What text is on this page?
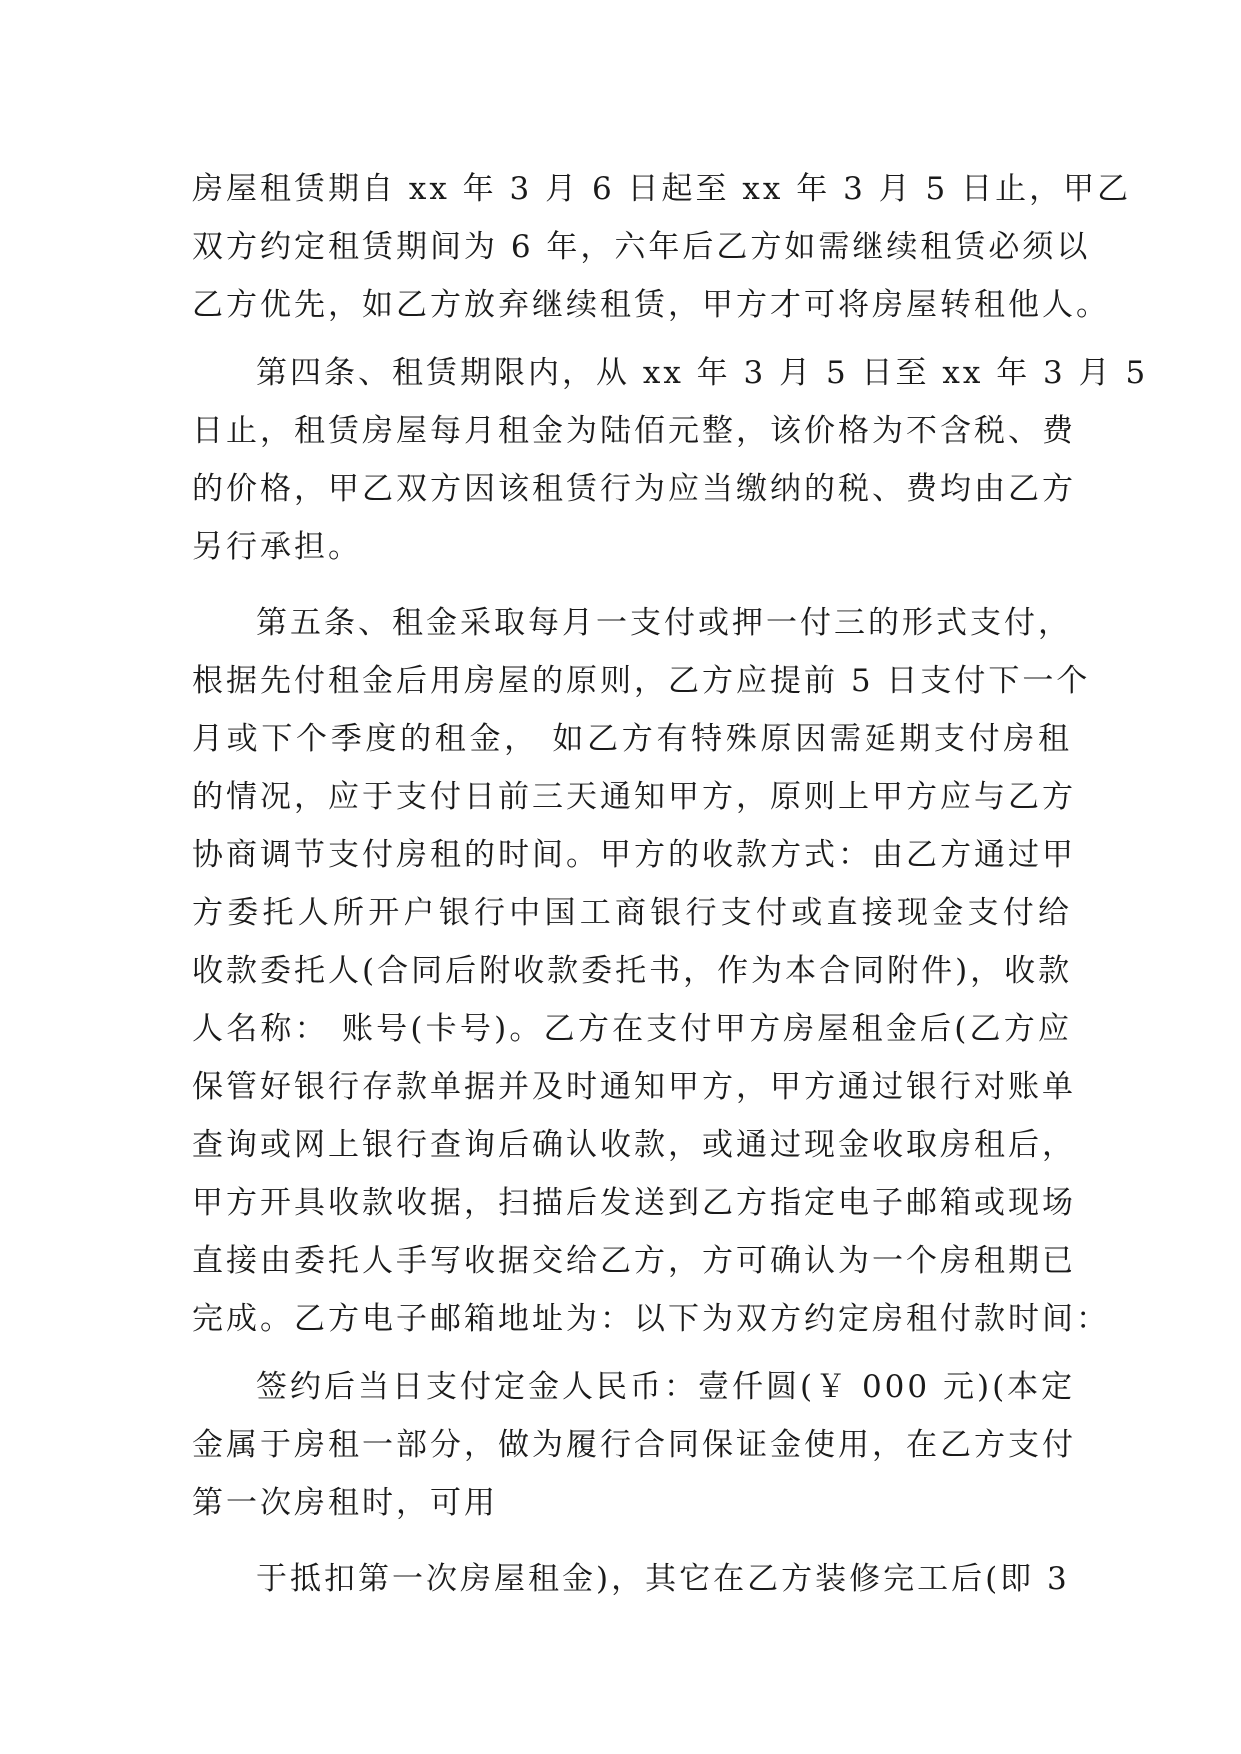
房屋租赁期自 xx 年 3 月 6 日起至 xx 年 3 月 5 日止，甲乙
双方约定租赁期间为 6 年，六年后乙方如需继续租赁必须以
乙方优先，如乙方放弃继续租赁，甲方才可将房屋转租他人。
第四条、租赁期限内，从 xx 年 3 月 5 日至 xx 年 3 月 5
日止，租赁房屋每月租金为陆佰元整，该价格为不含税、费
的价格，甲乙双方因该租赁行为应当缴纳的税、费均由乙方
另行承担。
第五条、租金采取每月一支付或押一付三的形式支付，
根据先付租金后用房屋的原则，乙方应提前 5 日支付下一个
月或下个季度的租金， 如乙方有特殊原因需延期支付房租
的情况，应于支付日前三天通知甲方，原则上甲方应与乙方
协商调节支付房租的时间。甲方的收款方式：由乙方通过甲
方委托人所开户银行中国工商银行支付或直接现金支付给
收款委托人(合同后附收款委托书，作为本合同附件)，收款
人名称： 账号(卡号)。乙方在支付甲方房屋租金后(乙方应
保管好银行存款单据并及时通知甲方，甲方通过银行对账单
查询或网上银行查询后确认收款，或通过现金收取房租后，
甲方开具收款收据，扫描后发送到乙方指定电子邮箱或现场
直接由委托人手写收据交给乙方，方可确认为一个房租期已
完成。乙方电子邮箱地址为：以下为双方约定房租付款时间：
签约后当日支付定金人民币：壹仟圆(￥ 000 元)(本定
金属于房租一部分，做为履行合同保证金使用，在乙方支付
第一次房租时，可用
于抵扣第一次房屋租金)，其它在乙方装修完工后(即 3
